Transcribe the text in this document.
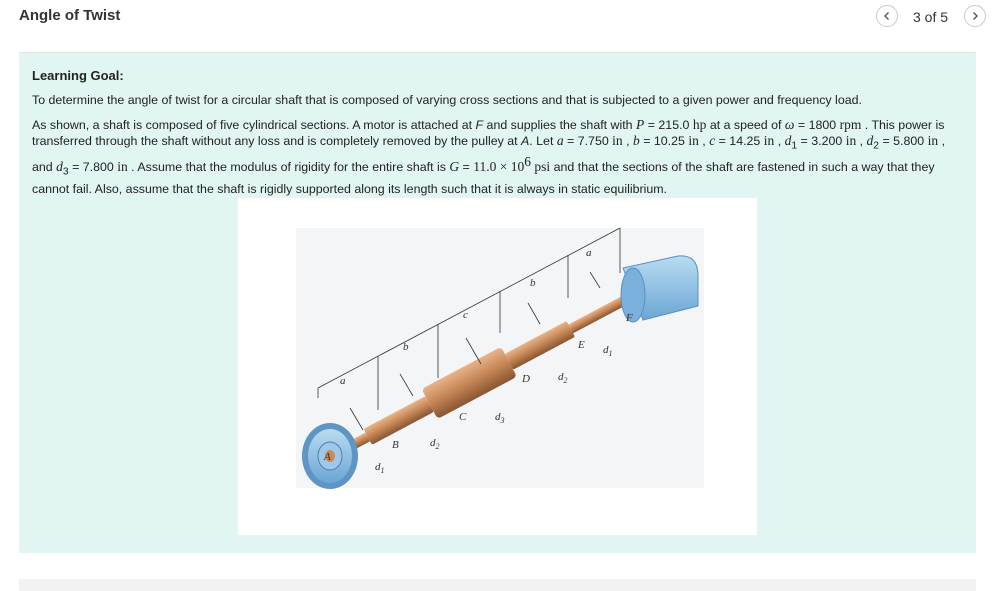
Angle of Twist	3 of 5
Learning Goal:
To determine the angle of twist for a circular shaft that is composed of varying cross sections and that is subjected to a given power and frequency load.
As shown, a shaft is composed of five cylindrical sections. A motor is attached at F and supplies the shaft with P = 215.0 hp at a speed of ω = 1800 rpm . This power is transferred through the shaft without any loss and is completely removed by the pulley at A. Let a = 7.750 in , b = 10.25 in , c = 14.25 in , $d_1 = 3.200$ in , $d_2 = 5.800$ in , and $d_3 = 7.800$ in . Assume that the modulus of rigidity for the entire shaft is $G = 11.0 \times 10^6$ psi and that the sections of the shaft are fastened in such a way that they cannot fail. Also, assume that the shaft is rigidly supported along its length such that it is always in static equilibrium.
A
B
C
D
E
F
a
b
c
b
a
$d_1$
$d_2$
$d_3$
$d_2$
$d_1$
